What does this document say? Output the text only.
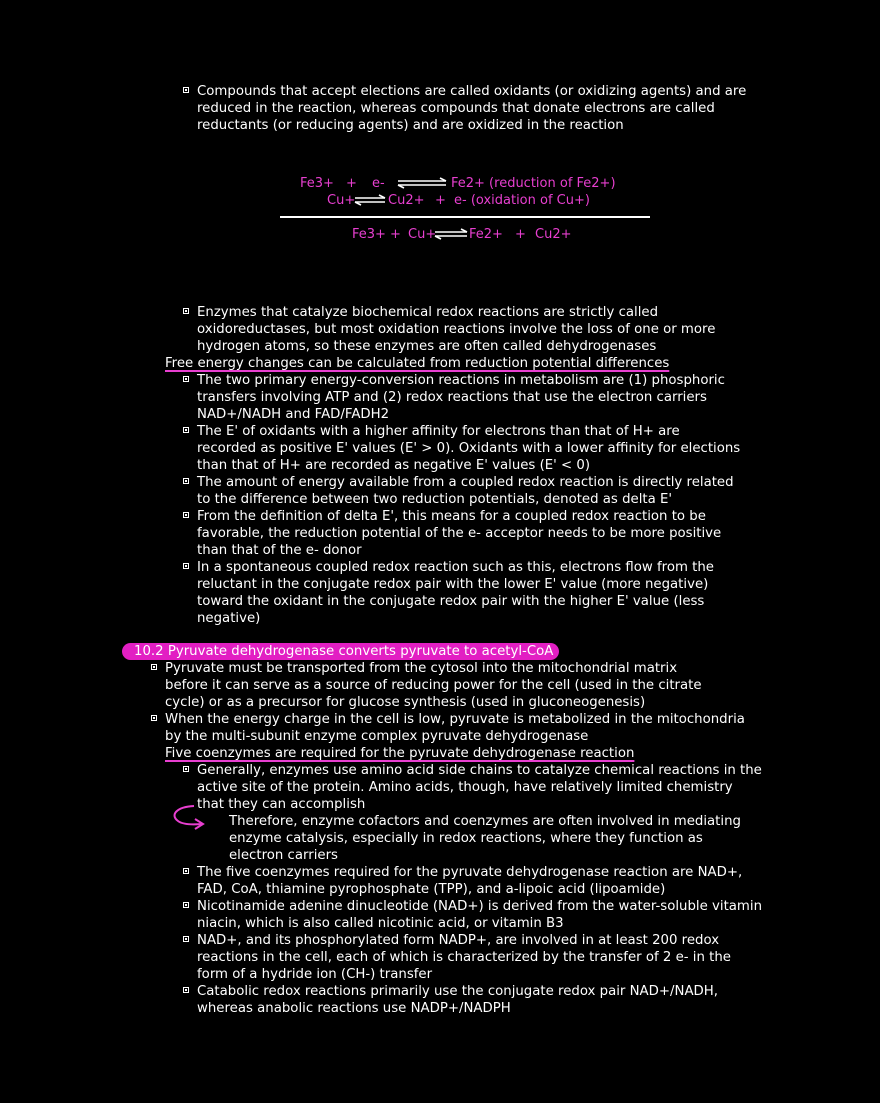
Compounds that accept elections are called oxidants (or oxidizing agents) and are
reduced in the reaction, whereas compounds that donate electrons are called
reductants (or reducing agents) and are oxidized in the reaction
Fe3+ + e- ⇌ Fe2+ (reduction of Fe2+)
Cu+ ⇌ Cu2+ + e- (oxidation of Cu+)
Fe3+ + Cu+ ⇌ Fe2+ + Cu2+
Enzymes that catalyze biochemical redox reactions are strictly called
oxidoreductases, but most oxidation reactions involve the loss of one or more
hydrogen atoms, so these enzymes are often called dehydrogenases
Free energy changes can be calculated from reduction potential differences
The two primary energy-conversion reactions in metabolism are (1) phosphoric
transfers involving ATP and (2) redox reactions that use the electron carriers
NAD+/NADH and FAD/FADH2
The E' of oxidants with a higher affinity for electrons than that of H+ are
recorded as positive E' values (E' > 0). Oxidants with a lower affinity for elections
than that of H+ are recorded as negative E' values (E' < 0)
The amount of energy available from a coupled redox reaction is directly related
to the difference between two reduction potentials, denoted as delta E'
From the definition of delta E', this means for a coupled redox reaction to be
favorable, the reduction potential of the e- acceptor needs to be more positive
than that of the e- donor
In a spontaneous coupled redox reaction such as this, electrons flow from the
reluctant in the conjugate redox pair with the lower E' value (more negative)
toward the oxidant in the conjugate redox pair with the higher E' value (less
negative)
10.2 Pyruvate dehydrogenase converts pyruvate to acetyl-CoA
Pyruvate must be transported from the cytosol into the mitochondrial matrix
before it can serve as a source of reducing power for the cell (used in the citrate
cycle) or as a precursor for glucose synthesis (used in gluconeogenesis)
When the energy charge in the cell is low, pyruvate is metabolized in the mitochondria
by the multi-subunit enzyme complex pyruvate dehydrogenase
Five coenzymes are required for the pyruvate dehydrogenase reaction
Generally, enzymes use amino acid side chains to catalyze chemical reactions in the
active site of the protein. Amino acids, though, have relatively limited chemistry
that they can accomplish
Therefore, enzyme cofactors and coenzymes are often involved in mediating
enzyme catalysis, especially in redox reactions, where they function as
electron carriers
The five coenzymes required for the pyruvate dehydrogenase reaction are NAD+,
FAD, CoA, thiamine pyrophosphate (TPP), and a-lipoic acid (lipoamide)
Nicotinamide adenine dinucleotide (NAD+) is derived from the water-soluble vitamin
niacin, which is also called nicotinic acid, or vitamin B3
NAD+, and its phosphorylated form NADP+, are involved in at least 200 redox
reactions in the cell, each of which is characterized by the transfer of 2 e- in the
form of a hydride ion (CH-) transfer
Catabolic redox reactions primarily use the conjugate redox pair NAD+/NADH,
whereas anabolic reactions use NADP+/NADPH
